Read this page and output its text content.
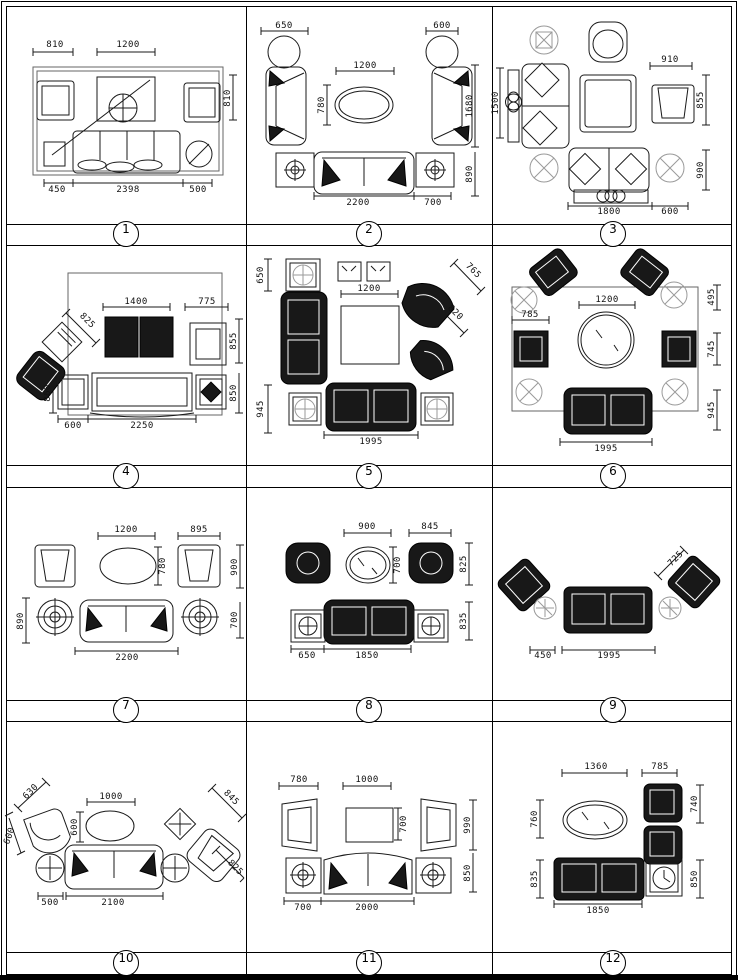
810	1200
810
450	2398	500
650	600
1200
780	1680
890
2200	700
910
855
900
1500
1800	600
1400	775
825
855
850
860
600	2250
650
1200
765
820
945
1995
1200
785
495
745
945
1995
1200	895
780	900
890	700
2200
900	845
700	825
835
650	1850
725
450	1995
630
600
1000
600
845
825
500	2100
780	1000
700	990
850
700	2000
1360	785
760
740
835	850
1850
1	2	3
4	5	6
7	8	9
10	11	12
